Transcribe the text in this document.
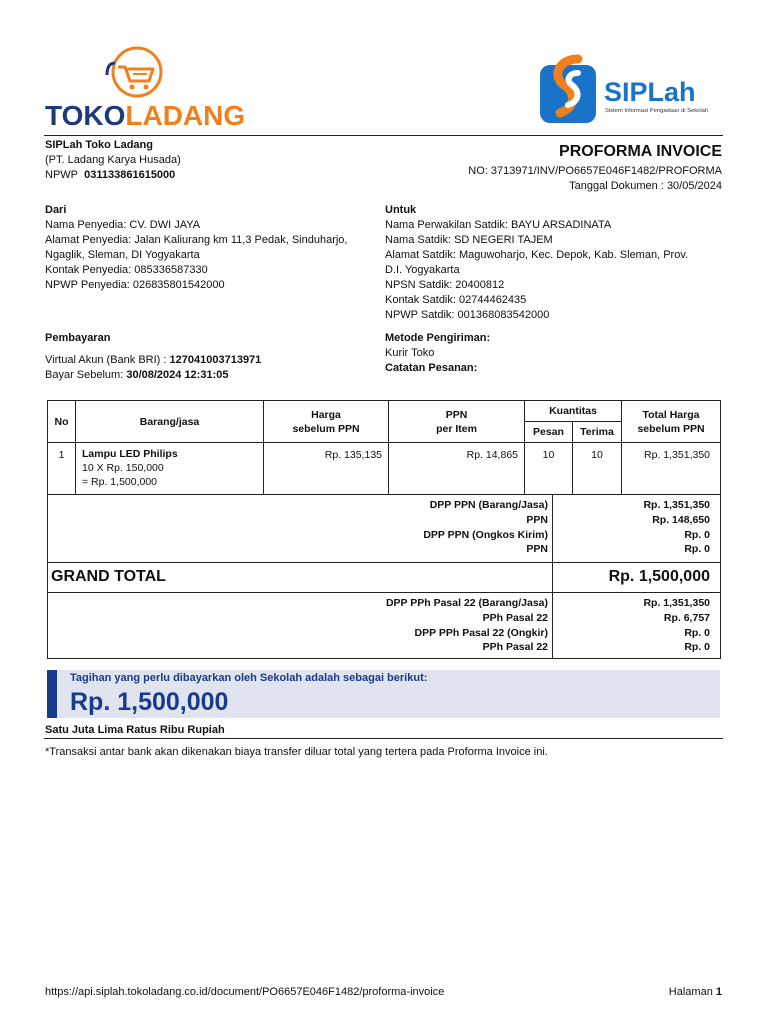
TOKOLADANG
SIPLah
Sistem Informasi Pengadaan di Sekolah
SIPLah Toko Ladang
(PT. Ladang Karya Husada)
NPWP 031133861615000
PROFORMA INVOICE
NO: 3713971/INV/PO6657E046F1482/PROFORMA
Tanggal Dokumen : 30/05/2024
Dari
Nama Penyedia: CV. DWI JAYA
Alamat Penyedia: Jalan Kaliurang km 11,3 Pedak, Sinduharjo,
Ngaglik, Sleman, DI Yogyakarta
Kontak Penyedia: 085336587330
NPWP Penyedia: 026835801542000
Untuk
Nama Perwakilan Satdik: BAYU ARSADINATA
Nama Satdik: SD NEGERI TAJEM
Alamat Satdik: Maguwoharjo, Kec. Depok, Kab. Sleman, Prov.
D.I. Yogyakarta
NPSN Satdik: 20400812
Kontak Satdik: 02744462435
NPWP Satdik: 001368083542000
Pembayaran
Virtual Akun (Bank BRI) : 127041003713971
Bayar Sebelum: 30/08/2024 12:31:05
Metode Pengiriman:
Kurir Toko
Catatan Pesanan:
No	Barang/jasa	Harga
sebelum PPN	PPN
per Item	Kuantitas		Total Harga
sebelum PPN
				Pesan	Terima	
1	Lampu LED Philips
10 X Rp. 150,000
= Rp. 1,500,000	Rp. 135,135	Rp. 14,865	10	10	Rp. 1,351,350
DPP PPN (Barang/Jasa)	Rp. 1,351,350
PPN	Rp. 148,650
DPP PPN (Ongkos Kirim)	Rp. 0
PPN	Rp. 0
GRAND TOTAL	Rp. 1,500,000
DPP PPh Pasal 22 (Barang/Jasa)	Rp. 1,351,350
PPh Pasal 22	Rp. 6,757
DPP PPh Pasal 22 (Ongkir)	Rp. 0
PPh Pasal 22	Rp. 0
Tagihan yang perlu dibayarkan oleh Sekolah adalah sebagai berikut:
Rp. 1,500,000
Satu Juta Lima Ratus Ribu Rupiah
*Transaksi antar bank akan dikenakan biaya transfer diluar total yang tertera pada Proforma Invoice ini.
https://api.siplah.tokoladang.co.id/document/PO6657E046F1482/proforma-invoice	Halaman 1
